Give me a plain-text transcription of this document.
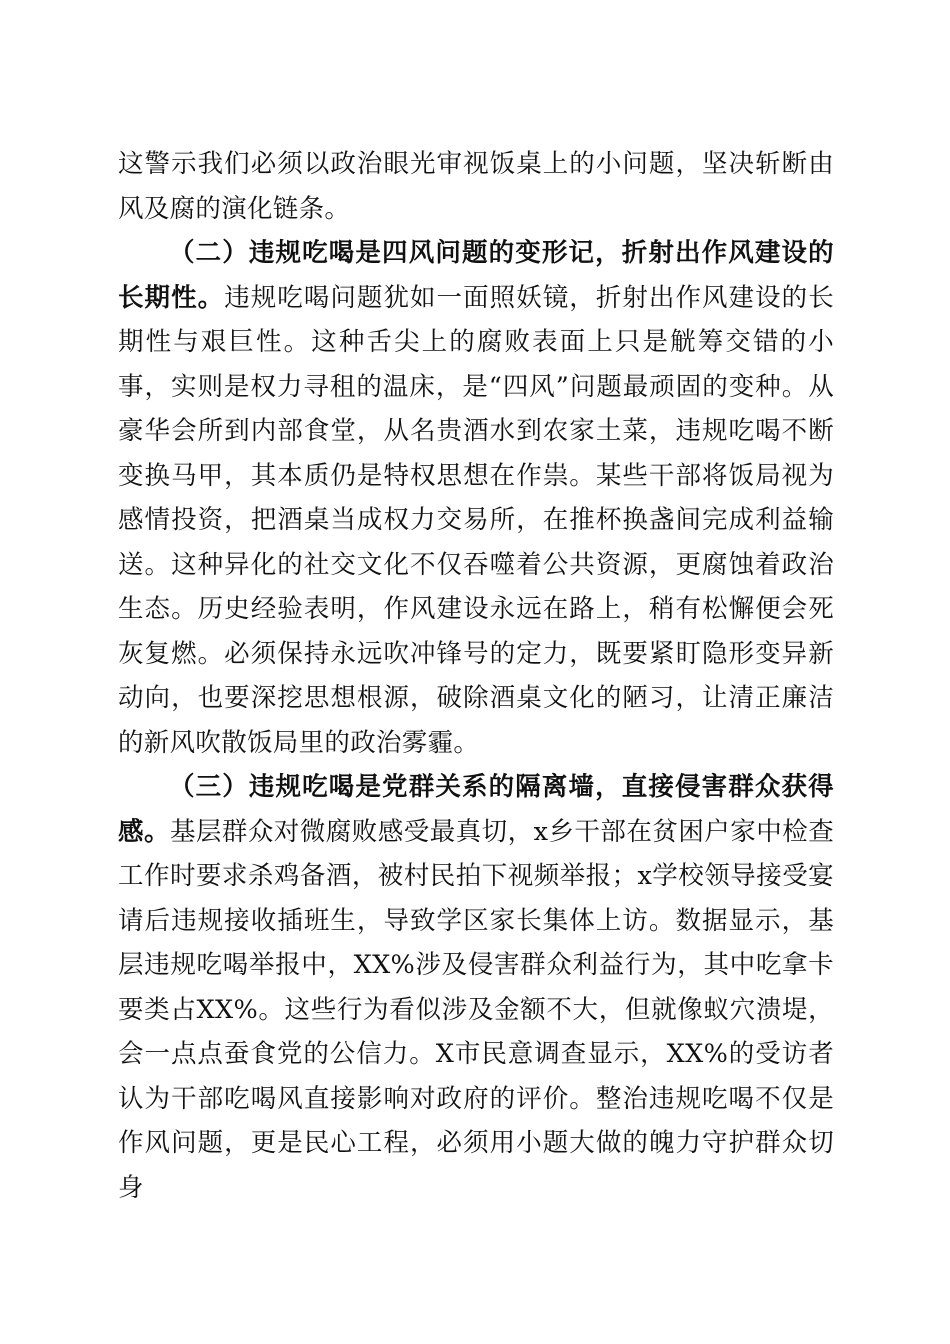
这警示我们必须以政治眼光审视饭桌上的小问题，坚决斩断由风及腐的演化链条。

（二）违规吃喝是四风问题的变形记，折射出作风建设的长期性。违规吃喝问题犹如一面照妖镜，折射出作风建设的长期性与艰巨性。这种舌尖上的腐败表面上只是觥筹交错的小事，实则是权力寻租的温床，是“四风”问题最顽固的变种。从豪华会所到内部食堂，从名贵酒水到农家土菜，违规吃喝不断变换马甲，其本质仍是特权思想在作祟。某些干部将饭局视为感情投资，把酒桌当成权力交易所，在推杯换盏间完成利益输送。这种异化的社交文化不仅吞噬着公共资源，更腐蚀着政治生态。历史经验表明，作风建设永远在路上，稍有松懈便会死灰复燃。必须保持永远吹冲锋号的定力，既要紧盯隐形变异新动向，也要深挖思想根源，破除酒桌文化的陋习，让清正廉洁的新风吹散饭局里的政治雾霾。

（三）违规吃喝是党群关系的隔离墙，直接侵害群众获得感。基层群众对微腐败感受最真切，x乡干部在贫困户家中检查工作时要求杀鸡备酒，被村民拍下视频举报；x学校领导接受宴请后违规接收插班生，导致学区家长集体上访。数据显示，基层违规吃喝举报中，XX%涉及侵害群众利益行为，其中吃拿卡要类占XX%。这些行为看似涉及金额不大，但就像蚁穴溃堤，会一点点蚕食党的公信力。X市民意调查显示，XX%的受访者认为干部吃喝风直接影响对政府的评价。整治违规吃喝不仅是作风问题，更是民心工程，必须用小题大做的魄力守护群众切身
